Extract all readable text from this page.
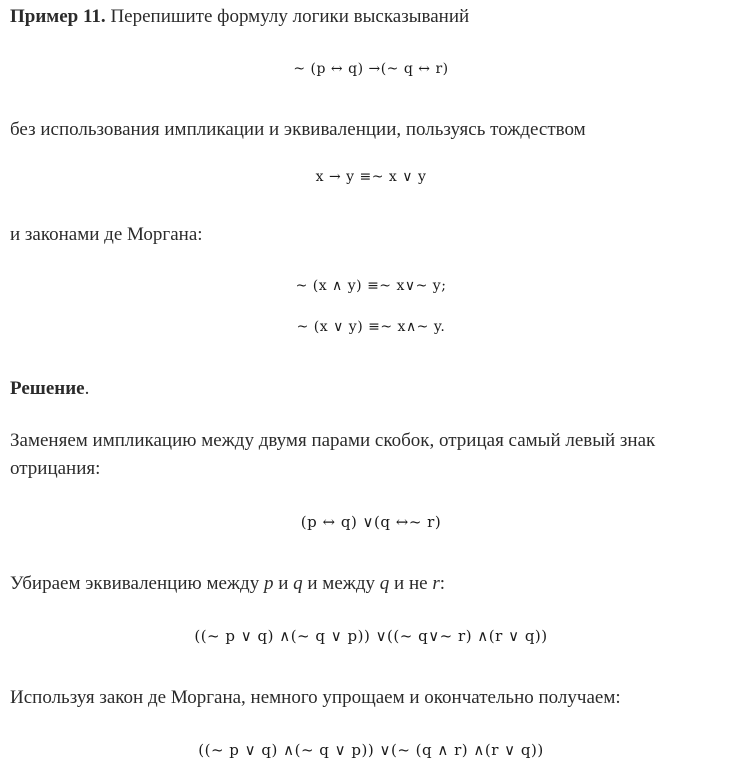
Пример 11. Перепишите формулу логики высказываний

~ (p ↔ q) →(~ q ↔ r)

без использования импликации и эквиваленции, пользуясь тождеством

x → y ≡~ x ∨ y

и законами де Моргана:

~ (x ∧ y) ≡~ x∨~ y;
~ (x ∨ y) ≡~ x∧~ y.

Решение.

Заменяем импликацию между двумя парами скобок, отрицая самый левый знак отрицания:

(p ↔ q) ∨(q ↔~ r)

Убираем эквиваленцию между p и q и между q и не r:

((~ p ∨ q) ∧(~ q ∨ p)) ∨((~ q∨~ r) ∧(r ∨ q))

Используя закон де Моргана, немного упрощаем и окончательно получаем:

((~ p ∨ q) ∧(~ q ∨ p)) ∨(~ (q ∧ r) ∧(r ∨ q))
